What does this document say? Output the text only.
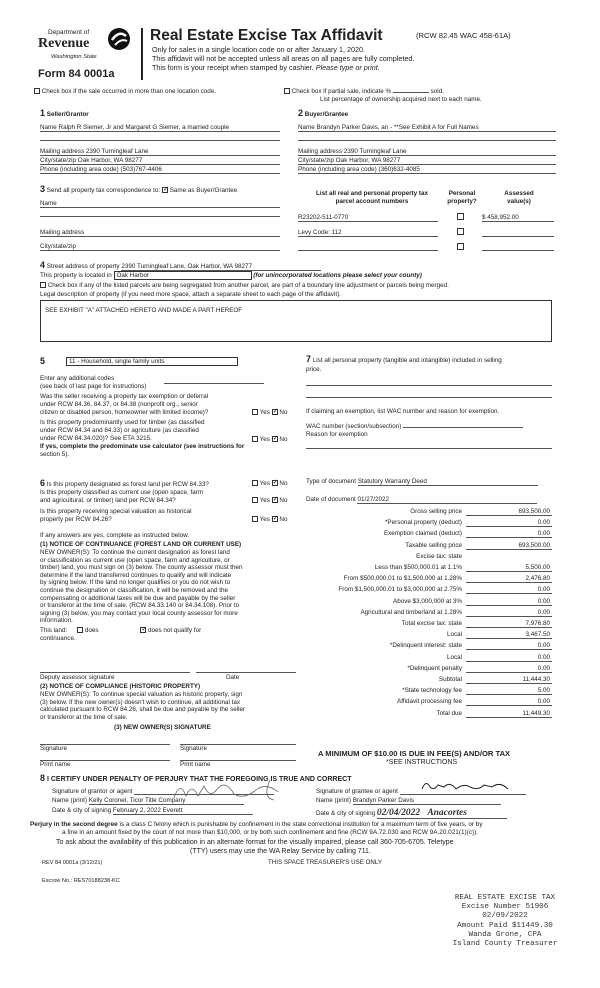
Department of
Revenue
Washington State
Form 84 0001a
Real Estate Excise Tax Affidavit	(RCW 82.45 WAC 458-61A)
Only for sales in a single location code on or after January 1, 2020.
This affidavit will not be accepted unless all areas on all pages are fully completed.
This form is your receipt when stamped by cashier. Please type or print.
Check box if the sale occurred in more than one location code.	Check box if partial sale, indicate %	sold.
List percentage of ownership acquired next to each name.
1 Seller/Grantor
Name Ralph R Siemer, Jr and Margaret G Siemer, a married couple
Mailing address 2390 Turningleaf Lane
City/state/zip Oak Harbor, WA 98277
Phone (including area code) (503)767-4406
2 Buyer/Grantee
Name Brandyn Parker Davis, an - **See Exhibit A for Full Names
Mailing address 2390 Turningleaf Lane
City/state/zip Oak Harbor, WA 98277
Phone (including area code) (360)632-4085
3 Send all property tax correspondence to: ✓ Same as Buyer/Grantee
Name
Mailing address
City/state/zip
List all real and personal property tax
parcel account numbers
Personal
property?
Assessed
value(s)
R23202-511-0770	$ 458,952.00
Levy Code: 112
4 Street address of property 2390 Turningleaf Lane, Oak Harbor, WA 98277
This property is located in Oak Harbor	(for unincorporated locations please select your county)
Check box if any of the listed parcels are being segregated from another parcel, are part of a boundary line adjustment or parcels being merged.
Legal description of property (if you need more space, attach a separate sheet to each page of the affidavit).
SEE EXHIBIT "A" ATTACHED HERETO AND MADE A PART HEREOF
5	11 - Household, single family units
Enter any additional codes
(see back of last page for instructions)
Was the seller receiving a property tax exemption or deferral
under RCW 84.36, 84.37, or 84.38 (nonprofit org., senior
citizen or disabled person, homeowner with limited income)?	Yes ✓ No
Is this property predominantly used for timber (as classified
under RCW 84.34 and 84.33) or agriculture (as classified
under RCW 84.34.020)? See ETA 3215.
If yes, complete the predominate use calculator (see instructions for
section 5).
Yes ✓ No
7 List all personal property (tangible and intangible) included in selling
price.
If claiming an exemption, list WAC number and reason for exemption.
WAC number (section/subsection)
Reason for exemption
6 Is this property designated as forest land per RCW 84.33?	Yes ✓ No
Is this property classified as current use (open space, farm
and agricultural, or timber) land per RCW 84.34?	Yes ✓ No
Is this property receiving special valuation as historical
property per RCW 84.26?	Yes ✓ No
If any answers are yes, complete as instructed below.
(1) NOTICE OF CONTINUANCE (FOREST LAND OR CURRENT USE)
NEW OWNER(S): To continue the current designation as forest land
or classification as current use (open space, farm and agriculture, or
timber) land, you must sign on (3) below. The county assessor must then
determine if the land transferred continues to qualify and will indicate
by signing below. If the land no longer qualifies or you do not wish to
continue the designation or classification, it will be removed and the
compensating or additional taxes will be due and payable by the seller
or transferor at the time of sale. (RCW 84.33.140 or 84.34.108). Prior to
signing (3) below, you may contact your local county assessor for more
information.
This land:	does	✓ does not qualify for
continuance.
Deputy assessor signature	Date
(2) NOTICE OF COMPLIANCE (HISTORIC PROPERTY)
NEW OWNER(S): To continue special valuation as historic property, sign
(3) below. If the new owner(s) doesn't wish to continue, all additional tax
calculated pursuant to RCW 84.26, shall be due and payable by the seller
or transferor at the time of sale.
(3) NEW OWNER(S) SIGNATURE
Signature	Signature
Print name	Print name
Type of document Statutory Warranty Deed
Date of document 01/27/2022
Gross selling price	693,500.00
*Personal property (deduct)	0.00
Exemption claimed (deduct)	0.00
Taxable selling price	693,500.00
Excise tax: state
Less than $500,000.01 at 1.1%	5,500.00
From $500,000.01 to $1,500,000 at 1.28%	2,476.80
From $1,500,000.01 to $3,000,000 at 2.75%	0.00
Above $3,000,000 at 3%	0.00
Agricultural and timberland at 1.28%	0.00
Total excise tax: state	7,976.80
Local	3,467.50
*Delinquent interest: state	0.00
Local	0.00
*Delinquent penalty	0.00
Subtotal	11,444.30
*State technology fee	5.00
Affidavit processing fee	0.00
Total due	11,449.30
A MINIMUM OF $10.00 IS DUE IN FEE(S) AND/OR TAX
*SEE INSTRUCTIONS
8 I CERTIFY UNDER PENALTY OF PERJURY THAT THE FOREGOING IS TRUE AND CORRECT
Signature of grantor or agent  
Name (print) Kelly Coronel, Ticor Title Company
Date & city of signing February 2, 2022 Everett
Signature of grantee or agent
Name (print) Brandyn Parker Davis
Date & city of signing 02/04/2022 Anacortes
Perjury in the second degree is a class C felony which is punishable by confinement in the state correctional institution for a maximum term of five years, or by
a fine in an amount fixed by the court of not more than $10,000, or by both such confinement and fine (RCW 9A.72.030 and RCW 9A.20.021(1)(c)).
To ask about the availability of this publication in an alternate format for the visually impaired, please call 360-705-6705. Teletype
(TTY) users may use the WA Relay Service by calling 711.
REV 84 0001a (3/12/21)	THIS SPACE TREASURER'S USE ONLY
Escrow No.: RES70188238-KC
REAL ESTATE EXCISE TAX
Excise Number 51906
02/09/2022
Amount Paid $11449.30
Wanda Grone, CPA
Island County Treasurer
